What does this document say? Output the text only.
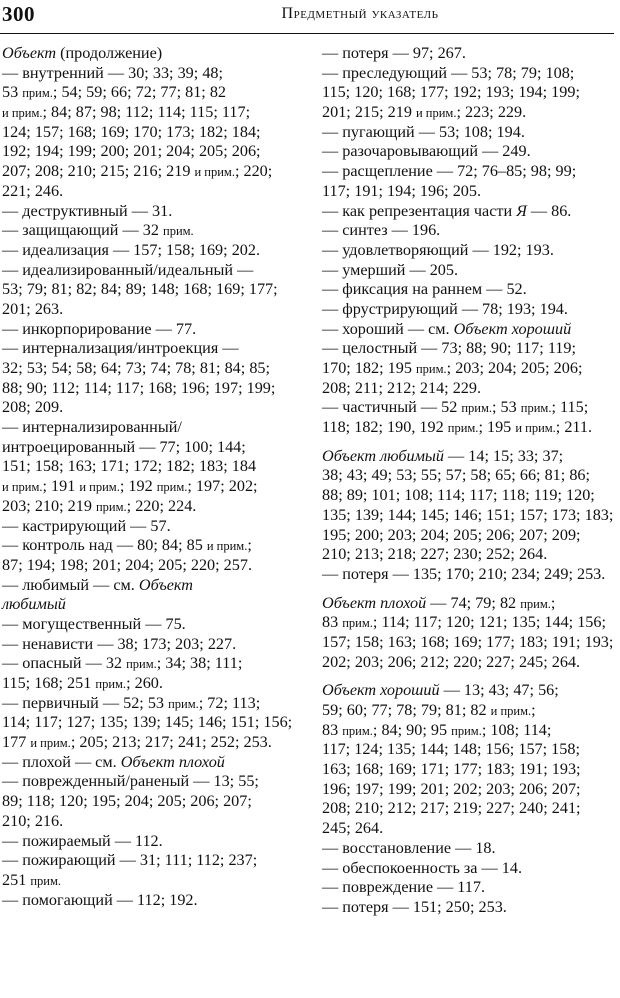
300	Предметный указатель
Объект (продолжение)
— внутренний — 30; 33; 39; 48;
53 прим.; 54; 59; 66; 72; 77; 81; 82
и прим.; 84; 87; 98; 112; 114; 115; 117;
124; 157; 168; 169; 170; 173; 182; 184;
192; 194; 199; 200; 201; 204; 205; 206;
207; 208; 210; 215; 216; 219 и прим.; 220;
221; 246.
— деструктивный — 31.
— защищающий — 32 прим.
— идеализация — 157; 158; 169; 202.
— идеализированный/идеальный —
53; 79; 81; 82; 84; 89; 148; 168; 169; 177;
201; 263.
— инкорпорирование — 77.
— интернализация/интроекция —
32; 53; 54; 58; 64; 73; 74; 78; 81; 84; 85;
88; 90; 112; 114; 117; 168; 196; 197; 199;
208; 209.
— интернализированный/
интроецированный — 77; 100; 144;
151; 158; 163; 171; 172; 182; 183; 184
и прим.; 191 и прим.; 192 прим.; 197; 202;
203; 210; 219 прим.; 220; 224.
— кастрирующий — 57.
— контроль над — 80; 84; 85 и прим.;
87; 194; 198; 201; 204; 205; 220; 257.
— любимый — см. Объект
любимый
— могущественный — 75.
— ненависти — 38; 173; 203; 227.
— опасный — 32 прим.; 34; 38; 111;
115; 168; 251 прим.; 260.
— первичный — 52; 53 прим.; 72; 113;
114; 117; 127; 135; 139; 145; 146; 151; 156;
177 и прим.; 205; 213; 217; 241; 252; 253.
— плохой — см. Объект плохой
— поврежденный/раненый — 13; 55;
89; 118; 120; 195; 204; 205; 206; 207;
210; 216.
— пожираемый — 112.
— пожирающий — 31; 111; 112; 237;
251 прим.
— помогающий — 112; 192.
— потеря — 97; 267.
— преследующий — 53; 78; 79; 108;
115; 120; 168; 177; 192; 193; 194; 199;
201; 215; 219 и прим.; 223; 229.
— пугающий — 53; 108; 194.
— разочаровывающий — 249.
— расщепление — 72; 76–85; 98; 99;
117; 191; 194; 196; 205.
— как репрезентация части Я — 86.
— синтез — 196.
— удовлетворяющий — 192; 193.
— умерший — 205.
— фиксация на раннем — 52.
— фрустрирующий — 78; 193; 194.
— хороший — см. Объект хороший
— целостный — 73; 88; 90; 117; 119;
170; 182; 195 прим.; 203; 204; 205; 206;
208; 211; 212; 214; 229.
— частичный — 52 прим.; 53 прим.; 115;
118; 182; 190, 192 прим.; 195 и прим.; 211.
Объект любимый — 14; 15; 33; 37;
38; 43; 49; 53; 55; 57; 58; 65; 66; 81; 86;
88; 89; 101; 108; 114; 117; 118; 119; 120;
135; 139; 144; 145; 146; 151; 157; 173; 183;
195; 200; 203; 204; 205; 206; 207; 209;
210; 213; 218; 227; 230; 252; 264.
— потеря — 135; 170; 210; 234; 249; 253.
Объект плохой — 74; 79; 82 прим.;
83 прим.; 114; 117; 120; 121; 135; 144; 156;
157; 158; 163; 168; 169; 177; 183; 191; 193;
202; 203; 206; 212; 220; 227; 245; 264.
Объект хороший — 13; 43; 47; 56;
59; 60; 77; 78; 79; 81; 82 и прим.;
83 прим.; 84; 90; 95 прим.; 108; 114;
117; 124; 135; 144; 148; 156; 157; 158;
163; 168; 169; 171; 177; 183; 191; 193;
196; 197; 199; 201; 202; 203; 206; 207;
208; 210; 212; 217; 219; 227; 240; 241;
245; 264.
— восстановление — 18.
— обеспокоенность за — 14.
— повреждение — 117.
— потеря — 151; 250; 253.
